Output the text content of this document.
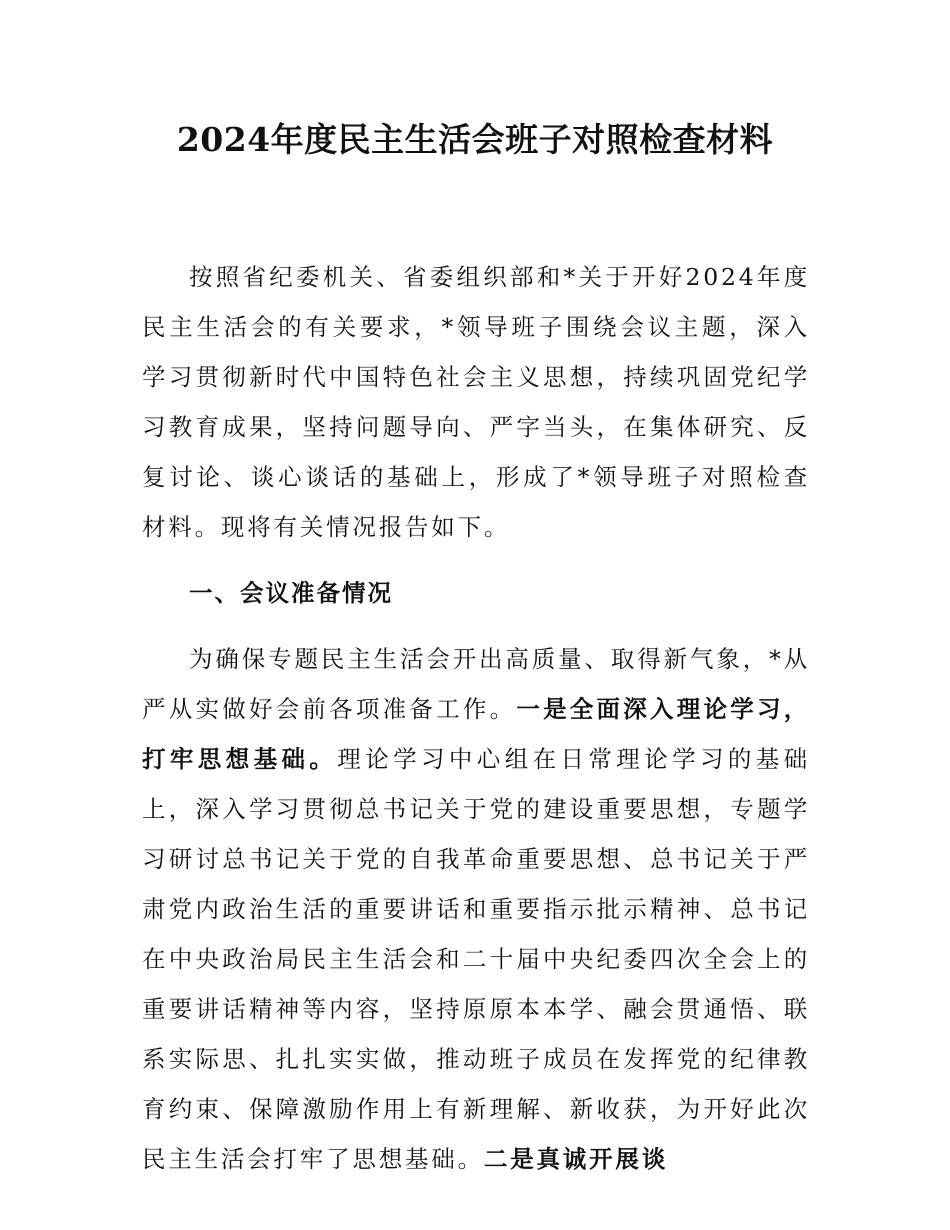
2024年度民主生活会班子对照检查材料

按照省纪委机关、省委组织部和*关于开好2024年度民主生活会的有关要求，*领导班子围绕会议主题，深入学习贯彻新时代中国特色社会主义思想，持续巩固党纪学习教育成果，坚持问题导向、严字当头，在集体研究、反复讨论、谈心谈话的基础上，形成了*领导班子对照检查材料。现将有关情况报告如下。

一、会议准备情况

为确保专题民主生活会开出高质量、取得新气象，*从严从实做好会前各项准备工作。一是全面深入理论学习，打牢思想基础。理论学习中心组在日常理论学习的基础上，深入学习贯彻总书记关于党的建设重要思想，专题学习研讨总书记关于党的自我革命重要思想、总书记关于严肃党内政治生活的重要讲话和重要指示批示精神、总书记在中央政治局民主生活会和二十届中央纪委四次全会上的重要讲话精神等内容，坚持原原本本学、融会贯通悟、联系实际思、扎扎实实做，推动班子成员在发挥党的纪律教育约束、保障激励作用上有新理解、新收获，为开好此次民主生活会打牢了思想基础。二是真诚开展谈
